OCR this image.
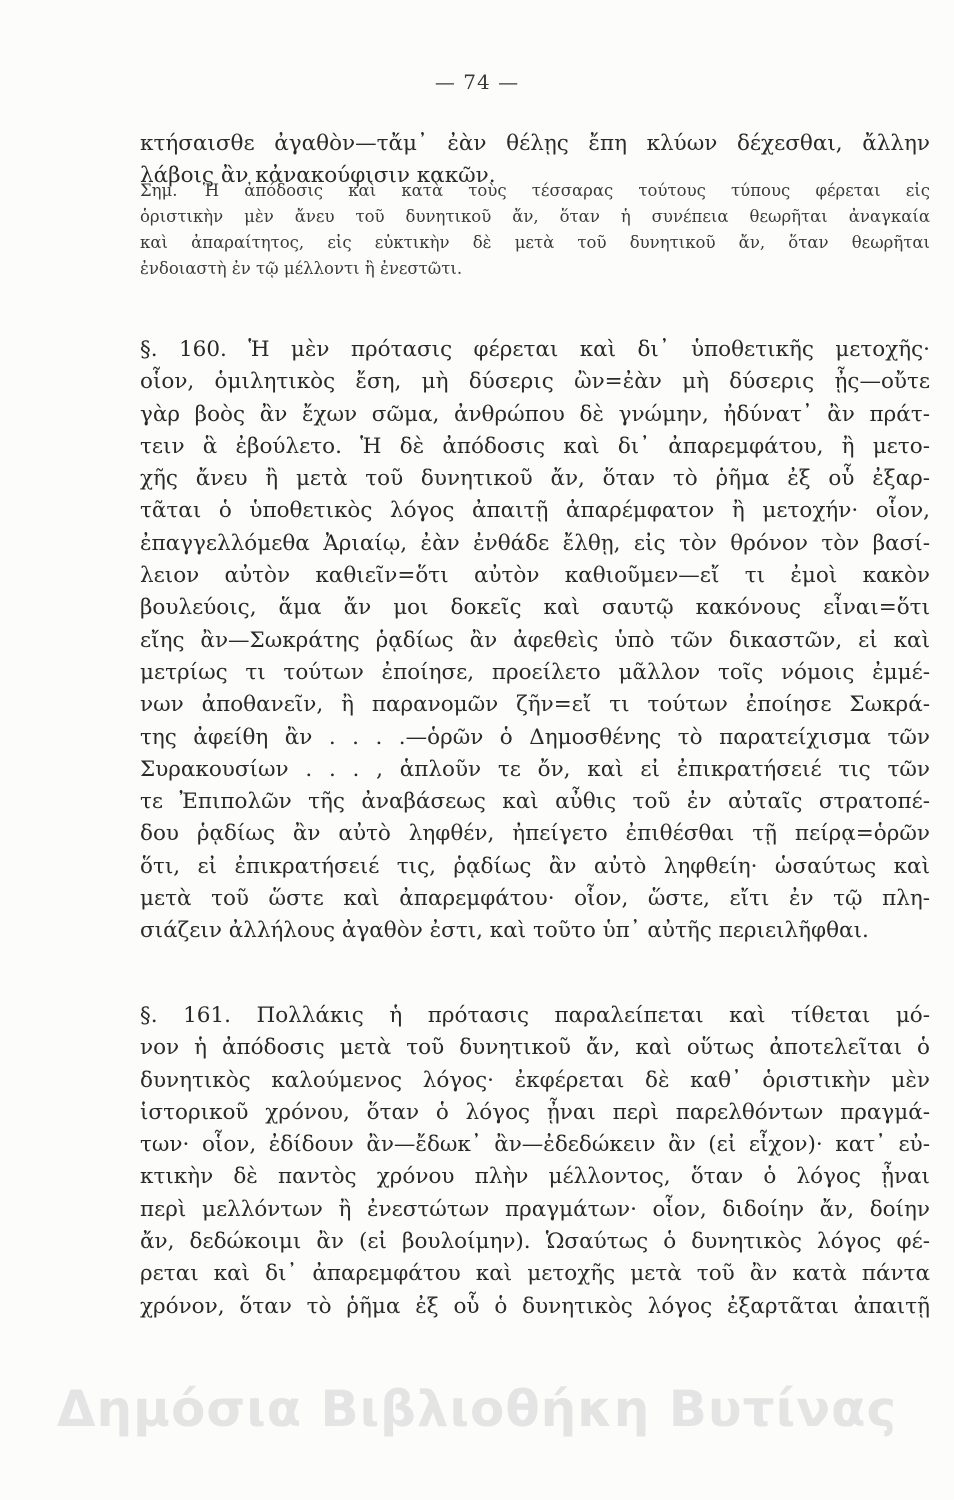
— 74 —
κτήσαισθε ἀγαθὸν—τἄμ᾽ ἐὰν θέλῃς ἔπη κλύων δέχεσθαι, ἄλλην
λάβοις ἂν κἀνακούφισιν κακῶν.
Σημ. Ἡ ἀπόδοσις καὶ κατὰ τοὺς τέσσαρας τούτους τύπους φέρεται εἰς
ὁριστικὴν μὲν ἄνευ τοῦ δυνητικοῦ ἄν, ὅταν ἡ συνέπεια θεωρῆται ἀναγκαία
καὶ ἀπαραίτητος, εἰς εὐκτικὴν δὲ μετὰ τοῦ δυνητικοῦ ἄν, ὅταν θεωρῆται
ἐνδοιαστὴ ἐν τῷ μέλλοντι ἢ ἐνεστῶτι.
§. 160. Ἡ μὲν πρότασις φέρεται καὶ δι᾽ ὑποθετικῆς μετοχῆς·
οἷον, ὁμιλητικὸς ἔση, μὴ δύσερις ὢν=ἐὰν μὴ δύσερις ᾖς—οὔτε
γὰρ βοὸς ἂν ἔχων σῶμα, ἀνθρώπου δὲ γνώμην, ἠδύνατ᾽ ἂν πράτ-
τειν ἃ ἐβούλετο. Ἡ δὲ ἀπόδοσις καὶ δι᾽ ἀπαρεμφάτου, ἢ μετο-
χῆς ἄνευ ἢ μετὰ τοῦ δυνητικοῦ ἄν, ὅταν τὸ ῥῆμα ἐξ οὗ ἐξαρ-
τᾶται ὁ ὑποθετικὸς λόγος ἀπαιτῇ ἀπαρέμφατον ἢ μετοχήν· οἷον,
ἐπαγγελλόμεθα Ἀριαίῳ, ἐὰν ἐνθάδε ἔλθῃ, εἰς τὸν θρόνον τὸν βασί-
λειον αὐτὸν καθιεῖν=ὅτι αὐτὸν καθιοῦμεν—εἴ τι ἐμοὶ κακὸν
βουλεύοις, ἅμα ἄν μοι δοκεῖς καὶ σαυτῷ κακόνους εἶναι=ὅτι
εἴης ἂν—Σωκράτης ῥᾳδίως ἂν ἀφεθεὶς ὑπὸ τῶν δικαστῶν, εἰ καὶ
μετρίως τι τούτων ἐποίησε, προείλετο μᾶλλον τοῖς νόμοις ἐμμέ-
νων ἀποθανεῖν, ἢ παρανομῶν ζῆν=εἴ τι τούτων ἐποίησε Σωκρά-
της ἀφείθη ἂν . . . .—ὁρῶν ὁ Δημοσθένης τὸ παρατείχισμα τῶν
Συρακουσίων . . . , ἁπλοῦν τε ὄν, καὶ εἰ ἐπικρατήσειέ τις τῶν
τε Ἐπιπολῶν τῆς ἀναβάσεως καὶ αὖθις τοῦ ἐν αὐταῖς στρατοπέ-
δου ῥᾳδίως ἂν αὐτὸ ληφθέν, ἠπείγετο ἐπιθέσθαι τῇ πείρᾳ=ὁρῶν
ὅτι, εἰ ἐπικρατήσειέ τις, ῥᾳδίως ἂν αὐτὸ ληφθείη· ὡσαύτως καὶ
μετὰ τοῦ ὥστε καὶ ἀπαρεμφάτου· οἷον, ὥστε, εἴτι ἐν τῷ πλη-
σιάζειν ἀλλήλους ἀγαθὸν ἐστι, καὶ τοῦτο ὑπ᾽ αὐτῆς περιειλῆφθαι.
§. 161. Πολλάκις ἡ πρότασις παραλείπεται καὶ τίθεται μό-
νον ἡ ἀπόδοσις μετὰ τοῦ δυνητικοῦ ἄν, καὶ οὕτως ἀποτελεῖται ὁ
δυνητικὸς καλούμενος λόγος· ἐκφέρεται δὲ καθ᾽ ὁριστικὴν μὲν
ἱστορικοῦ χρόνου, ὅταν ὁ λόγος ᾖναι περὶ παρελθόντων πραγμά-
των· οἷον, ἐδίδουν ἂν—ἔδωκ᾽ ἂν—ἐδεδώκειν ἂν (εἰ εἶχον)· κατ᾽ εὐ-
κτικὴν δὲ παντὸς χρόνου πλὴν μέλλοντος, ὅταν ὁ λόγος ᾖναι
περὶ μελλόντων ἢ ἐνεστώτων πραγμάτων· οἷον, διδοίην ἄν, δοίην
ἄν, δεδώκοιμι ἂν (εἰ βουλοίμην). Ὡσαύτως ὁ δυνητικὸς λόγος φέ-
ρεται καὶ δι᾽ ἀπαρεμφάτου καὶ μετοχῆς μετὰ τοῦ ἂν κατὰ πάντα
χρόνον, ὅταν τὸ ῥῆμα ἐξ οὗ ὁ δυνητικὸς λόγος ἐξαρτᾶται ἀπαιτῇ
Δημόσια Βιβλιοθήκη Βυτίνας
